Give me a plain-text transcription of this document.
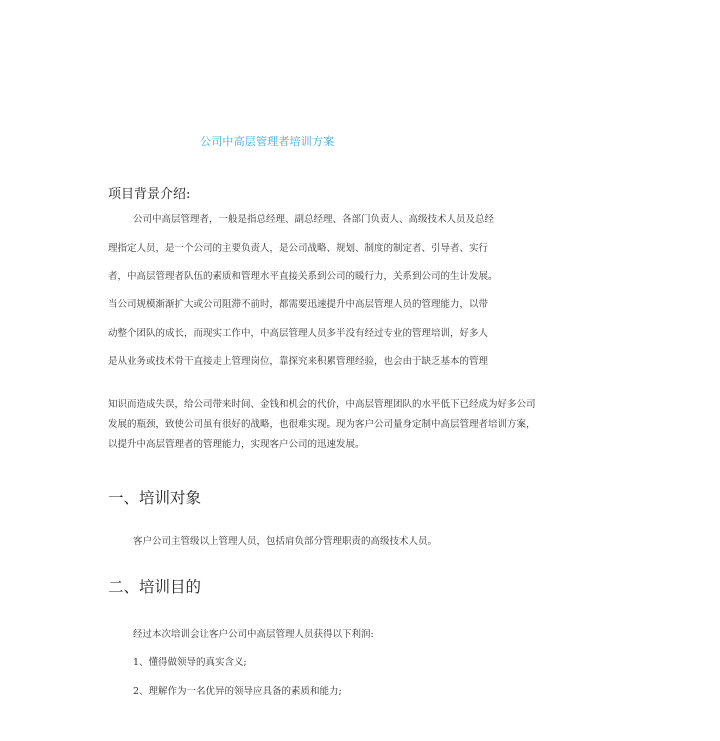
公司中高层管理者培训方案
项目背景介绍:
公司中高层管理者，一般是指总经理、副总经理、各部门负责人、高级技术人员及总经
理指定人员，是一个公司的主要负责人，是公司战略、规划、制度的制定者、引导者、实行
者，中高层管理者队伍的素质和管理水平直接关系到公司的暖行力，关系到公司的生计发展。
当公司规模渐渐扩大或公司阻滞不前时，都需要迅速提升中高层管理人员的管理能力，以带
动整个团队的成长，而现实工作中，中高层管理人员多半没有经过专业的管理培训，好多人
是从业务或技术骨干直接走上管理岗位，靠探究来积累管理经验，也会由于缺乏基本的管理
知识而造成失误，给公司带来时间、金钱和机会的代价，中高层管理团队的水平低下已经成为好多公司
发展的瓶颈，致使公司虽有很好的战略，也很难实现。现为客户公司量身定制中高层管理者培训方案，
以提升中高层管理者的管理能力，实现客户公司的迅速发展。
一、培训对象
客户公司主管级以上管理人员，包括肩负部分管理职责的高级技术人员。
二、培训目的
经过本次培训会让客户公司中高层管理人员获得以下利润:
1、懂得做领导的真实含义;
2、理解作为一名优异的领导应具备的素质和能力;
